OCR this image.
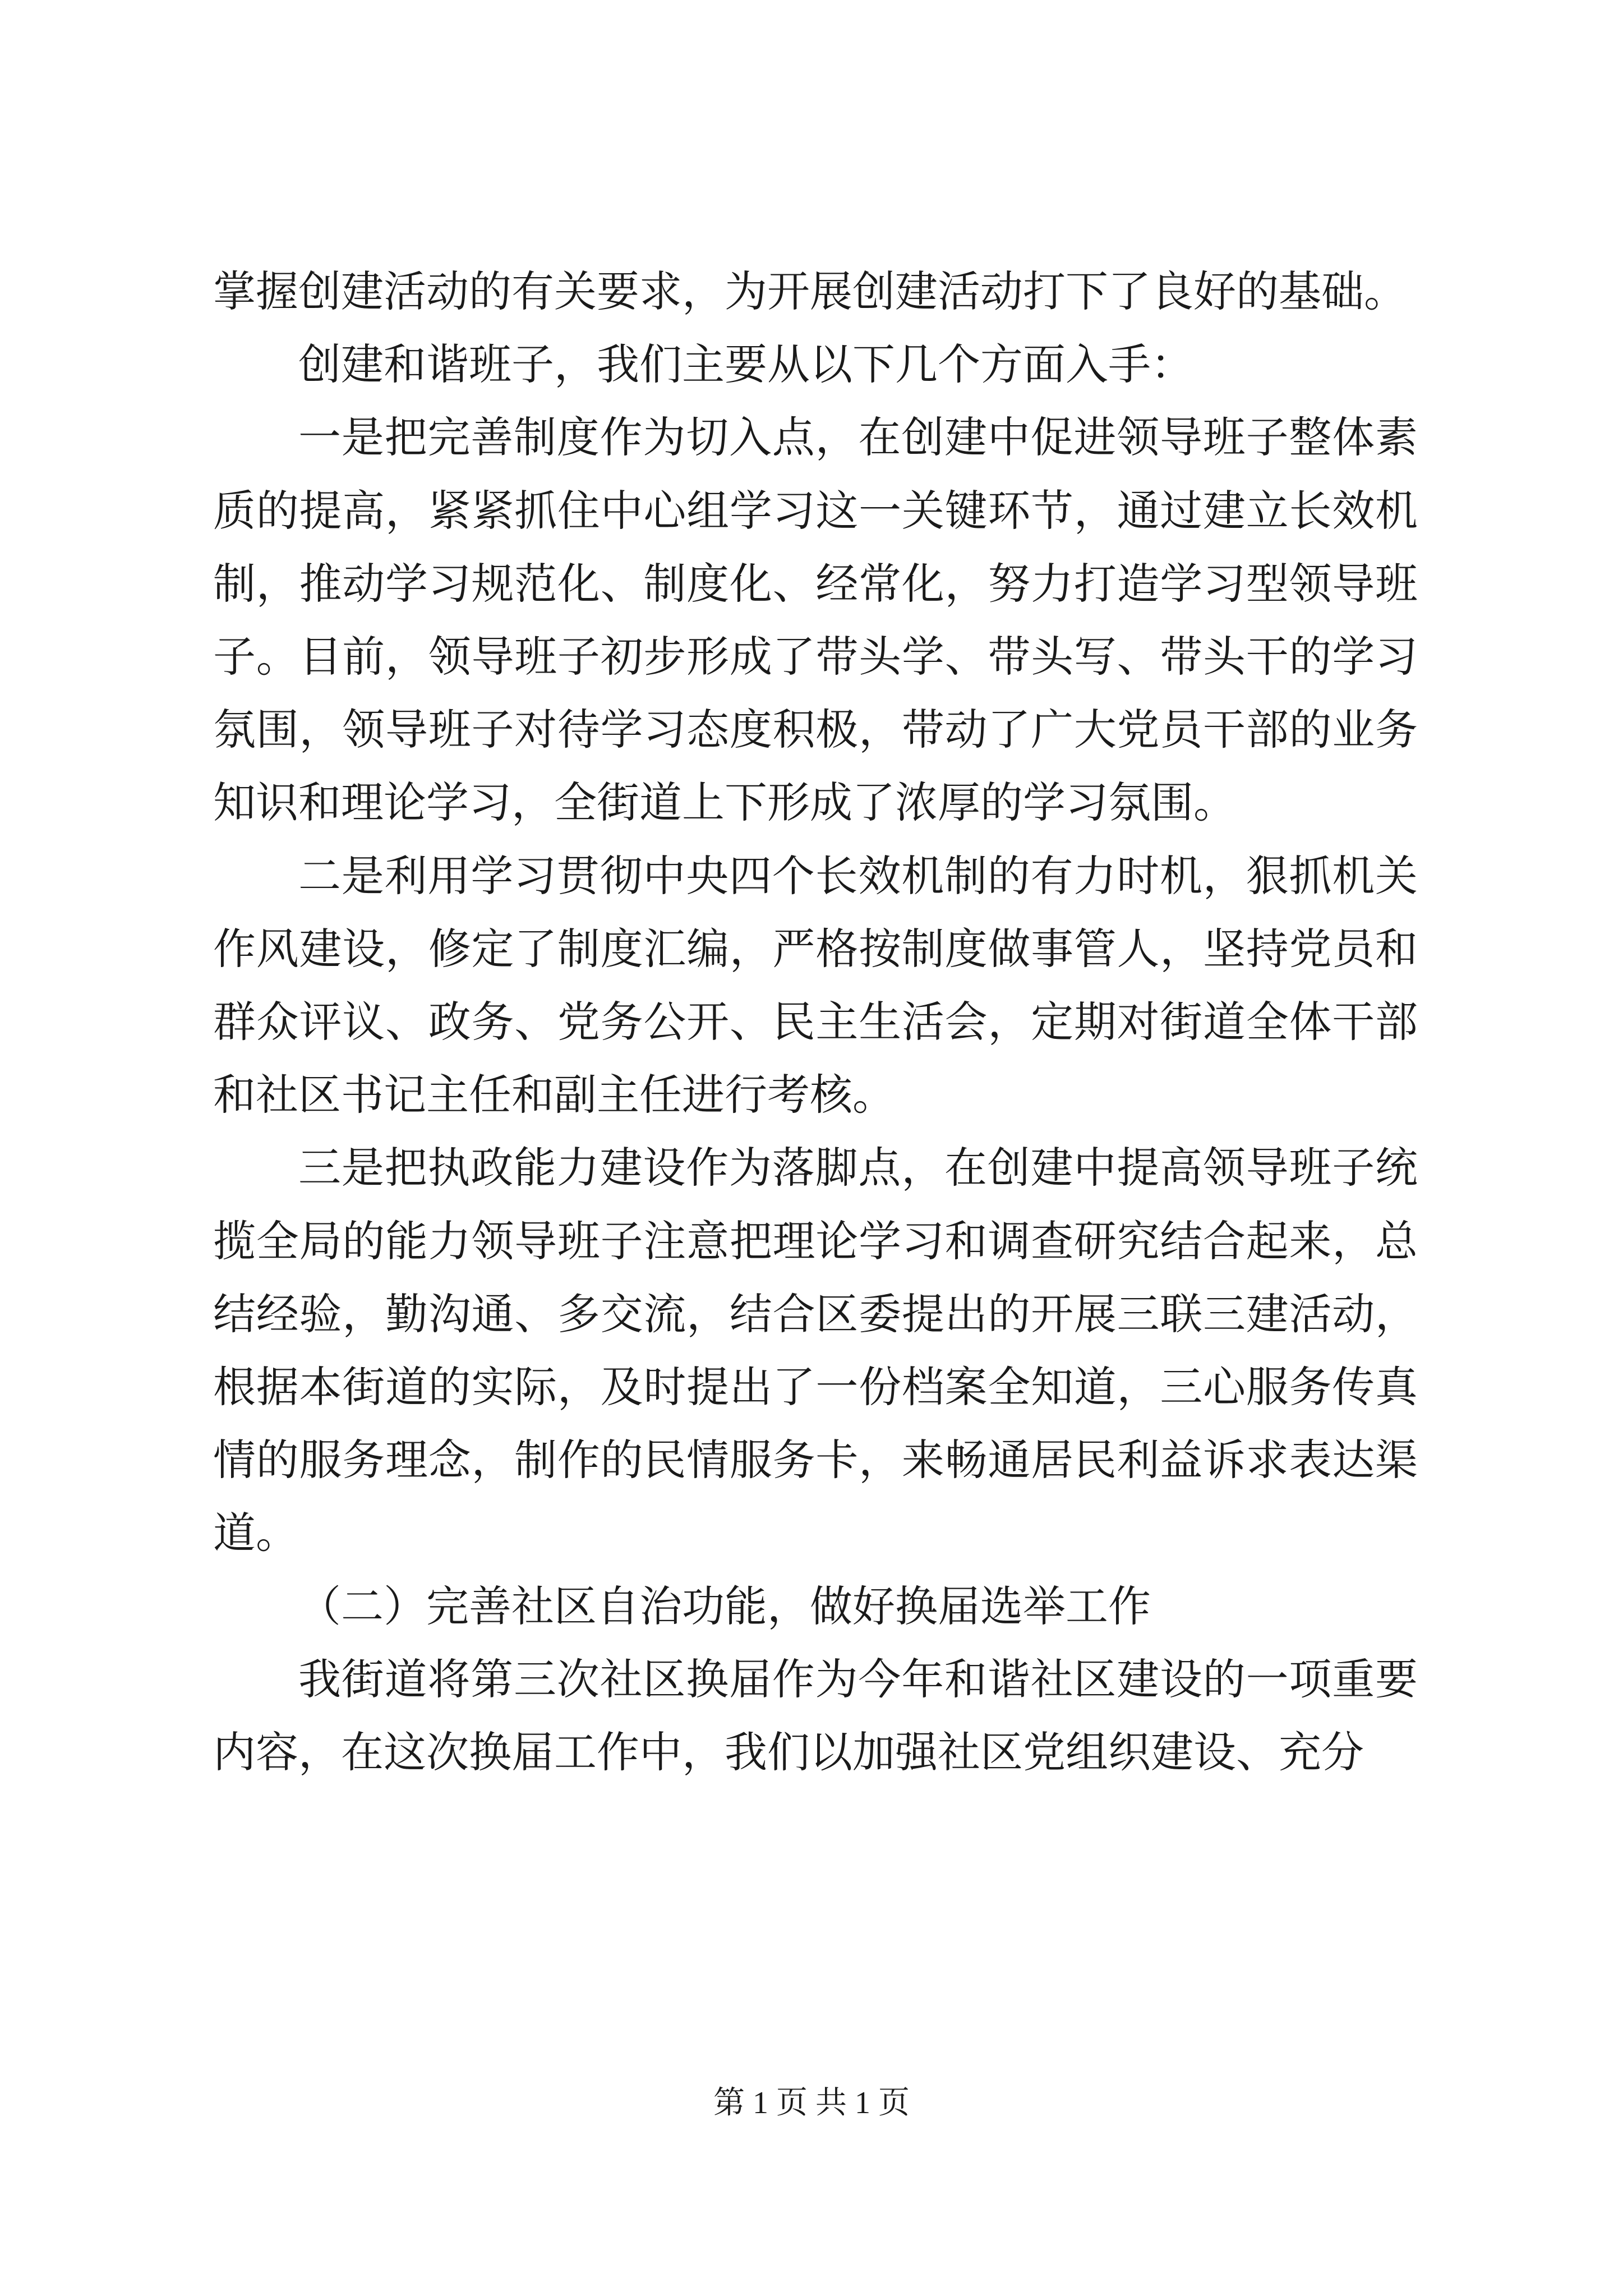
掌握创建活动的有关要求，为开展创建活动打下了良好的基础。

创建和谐班子，我们主要从以下几个方面入手：

一是把完善制度作为切入点，在创建中促进领导班子整体素质的提高，紧紧抓住中心组学习这一关键环节，通过建立长效机制，推动学习规范化、制度化、经常化，努力打造学习型领导班子。目前，领导班子初步形成了带头学、带头写、带头干的学习氛围，领导班子对待学习态度积极，带动了广大党员干部的业务知识和理论学习，全街道上下形成了浓厚的学习氛围。

二是利用学习贯彻中央四个长效机制的有力时机，狠抓机关作风建设，修定了制度汇编，严格按制度做事管人，坚持党员和群众评议、政务、党务公开、民主生活会，定期对街道全体干部和社区书记主任和副主任进行考核。

三是把执政能力建设作为落脚点，在创建中提高领导班子统揽全局的能力领导班子注意把理论学习和调查研究结合起来，总结经验，勤沟通、多交流，结合区委提出的开展三联三建活动，根据本街道的实际，及时提出了一份档案全知道，三心服务传真情的服务理念，制作的民情服务卡，来畅通居民利益诉求表达渠道。

（二）完善社区自治功能，做好换届选举工作

我街道将第三次社区换届作为今年和谐社区建设的一项重要内容，在这次换届工作中，我们以加强社区党组织建设、充分

第 1 页 共 1 页
